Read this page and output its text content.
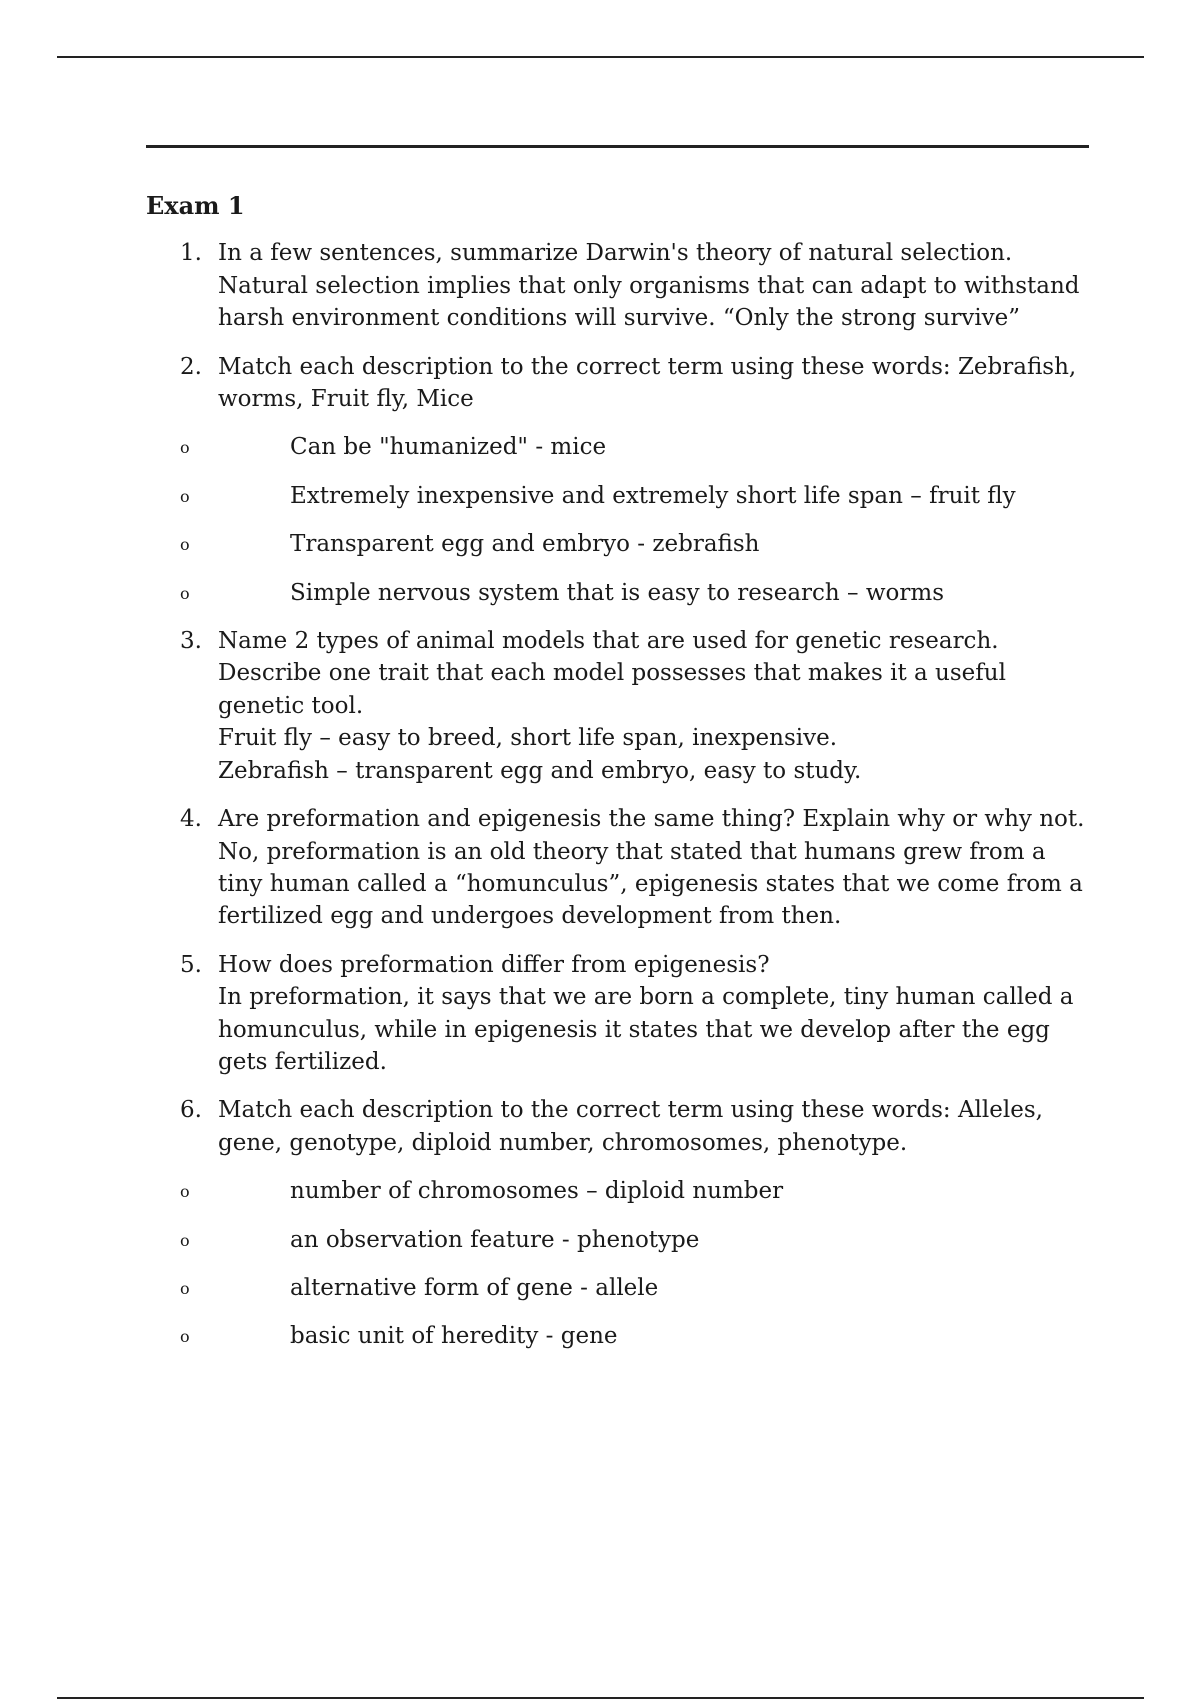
Exam 1
1. In a few sentences, summarize Darwin's theory of natural selection.
Natural selection implies that only organisms that can adapt to withstand harsh environment conditions will survive. “Only the strong survive”
2. Match each description to the correct term using these words: Zebrafish, worms, Fruit fly, Mice
o	Can be "humanized" - mice
o	Extremely inexpensive and extremely short life span – fruit fly
o	Transparent egg and embryo - zebrafish
o	Simple nervous system that is easy to research – worms
3. Name 2 types of animal models that are used for genetic research. Describe one trait that each model possesses that makes it a useful genetic tool.
Fruit fly – easy to breed, short life span, inexpensive.
Zebrafish – transparent egg and embryo, easy to study.
4. Are preformation and epigenesis the same thing? Explain why or why not.
No, preformation is an old theory that stated that humans grew from a tiny human called a “homunculus”, epigenesis states that we come from a fertilized egg and undergoes development from then.
5. How does preformation differ from epigenesis?
In preformation, it says that we are born a complete, tiny human called a homunculus, while in epigenesis it states that we develop after the egg gets fertilized.
6. Match each description to the correct term using these words: Alleles, gene, genotype, diploid number, chromosomes, phenotype.
o	number of chromosomes – diploid number
o	an observation feature - phenotype
o	alternative form of gene - allele
o	basic unit of heredity - gene
